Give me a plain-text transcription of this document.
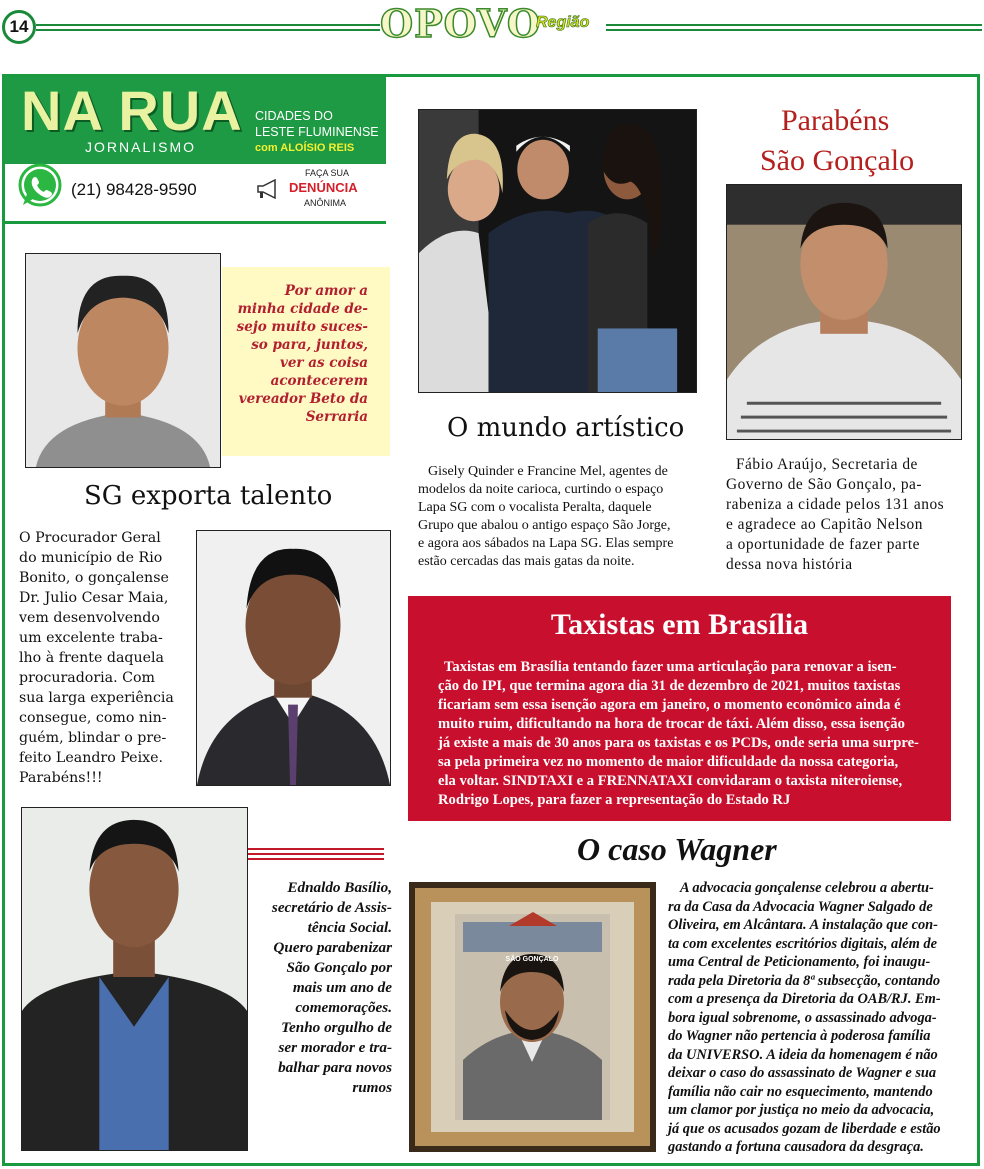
14	OPOVO
Região
NA RUA
JORNALISMO
CIDADES DO
LESTE FLUMINENSE
com ALOÍSIO REIS
(21) 98428-9590
FAÇA SUA
DENÚNCIA
ANÔNIMA
Por amor a
minha cidade de-
sejo muito suces-
so para, juntos,
ver as coisa
acontecerem
vereador Beto da
Serraria
SG exporta talento
O Procurador Geral
do município de Rio
Bonito, o gonçalense
Dr. Julio Cesar Maia,
vem desenvolvendo
um excelente traba-
lho à frente daquela
procuradoria. Com
sua larga experiência
consegue, como nin-
guém, blindar o pre-
feito Leandro Peixe.
Parabéns!!!
Ednaldo Basílio,
secretário de Assis-
tência Social.
Quero parabenizar
São Gonçalo por
mais um ano de
comemorações.
Tenho orgulho de
ser morador e tra-
balhar para novos
rumos
O mundo artístico
Gisely Quinder e Francine Mel, agentes de
modelos da noite carioca, curtindo o espaço
Lapa SG com o vocalista Peralta, daquele
Grupo que abalou o antigo espaço São Jorge,
e agora aos sábados na Lapa SG. Elas sempre
estão cercadas das mais gatas da noite.
Parabéns
São Gonçalo
Fábio Araújo, Secretaria de
Governo de São Gonçalo, pa-
rabeniza a cidade pelos 131 anos
e agradece ao Capitão Nelson
a oportunidade de fazer parte
dessa nova história
Taxistas em Brasília
Taxistas em Brasília tentando fazer uma articulação para renovar a isen-
ção do IPI, que termina agora dia 31 de dezembro de 2021, muitos taxistas
ficariam sem essa isenção agora em janeiro, o momento econômico ainda é
muito ruim, dificultando na hora de trocar de táxi. Além disso, essa isenção
já existe a mais de 30 anos para os taxistas e os PCDs, onde seria uma surpre-
sa pela primeira vez no momento de maior dificuldade da nossa categoria,
ela voltar. SINDTAXI e a FRENNATAXI convidaram o taxista niteroiense,
Rodrigo Lopes, para fazer a representação do Estado RJ
O caso Wagner
SÃO GONÇALO
A advocacia gonçalense celebrou a abertu-
ra da Casa da Advocacia Wagner Salgado de
Oliveira, em Alcântara. A instalação que con-
ta com excelentes escritórios digitais, além de
uma Central de Peticionamento, foi inaugu-
rada pela Diretoria da 8ª subsecção, contando
com a presença da Diretoria da OAB/RJ. Em-
bora igual sobrenome, o assassinado advoga-
do Wagner não pertencia à poderosa família
da UNIVERSO. A ideia da homenagem é não
deixar o caso do assassinato de Wagner e sua
família não cair no esquecimento, mantendo
um clamor por justiça no meio da advocacia,
já que os acusados gozam de liberdade e estão
gastando a fortuna causadora da desgraça.
